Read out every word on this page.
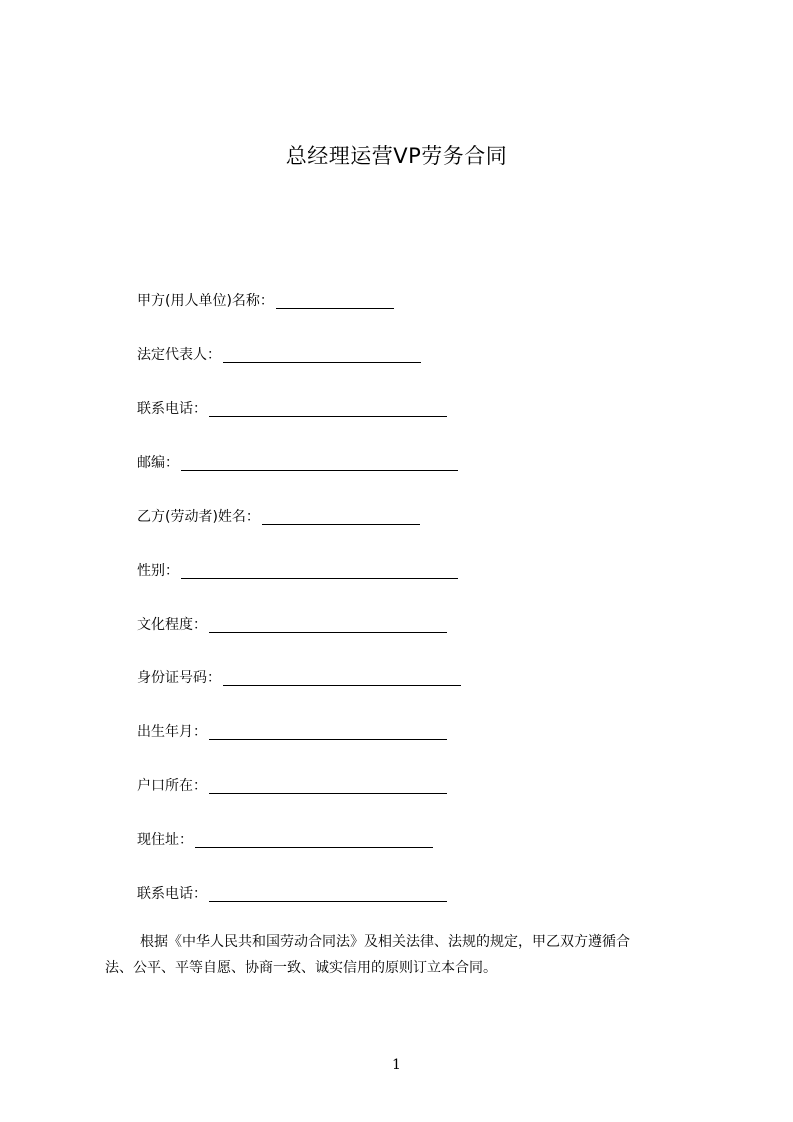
总经理运营VP劳务合同
甲方(用人单位)名称：
法定代表人：
联系电话：
邮编：
乙方(劳动者)姓名：
性别：
文化程度：
身份证号码：
出生年月：
户口所在：
现住址：
联系电话：
根据《中华人民共和国劳动合同法》及相关法律、法规的规定，甲乙双方遵循合
法、公平、平等自愿、协商一致、诚实信用的原则订立本合同。
1
